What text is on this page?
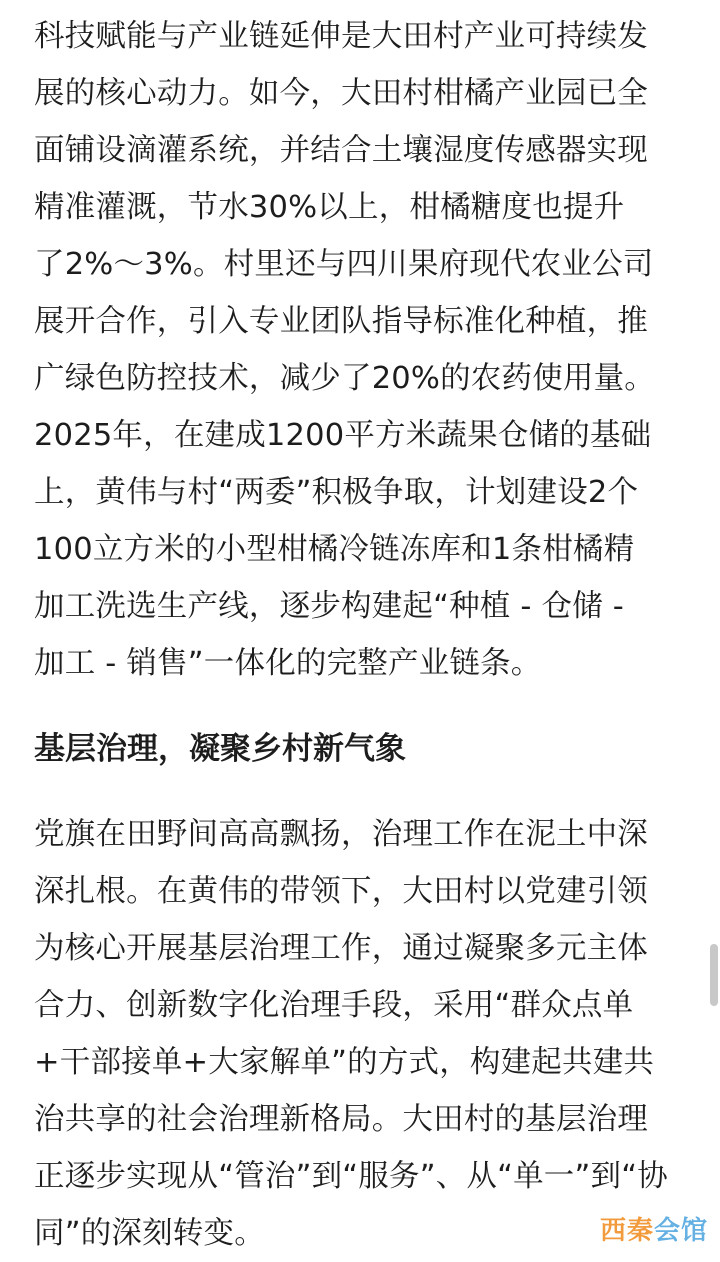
科技赋能与产业链延伸是大田村产业可持续发
展的核心动力。如今，大田村柑橘产业园已全
面铺设滴灌系统，并结合土壤湿度传感器实现
精准灌溉，节水30%以上，柑橘糖度也提升
了2%～3%。村里还与四川果府现代农业公司
展开合作，引入专业团队指导标准化种植，推
广绿色防控技术，减少了20%的农药使用量。
2025年，在建成1200平方米蔬果仓储的基础
上，黄伟与村“两委”积极争取，计划建设2个
100立方米的小型柑橘冷链冻库和1条柑橘精
加工洗选生产线，逐步构建起“种植 - 仓储 -
加工 - 销售”一体化的完整产业链条。

基层治理，凝聚乡村新气象

党旗在田野间高高飘扬，治理工作在泥土中深
深扎根。在黄伟的带领下，大田村以党建引领
为核心开展基层治理工作，通过凝聚多元主体
合力、创新数字化治理手段，采用“群众点单
+干部接单+大家解单”的方式，构建起共建共
治共享的社会治理新格局。大田村的基层治理
正逐步实现从“管治”到“服务”、从“单一”到“协
同”的深刻转变。	西秦会馆
